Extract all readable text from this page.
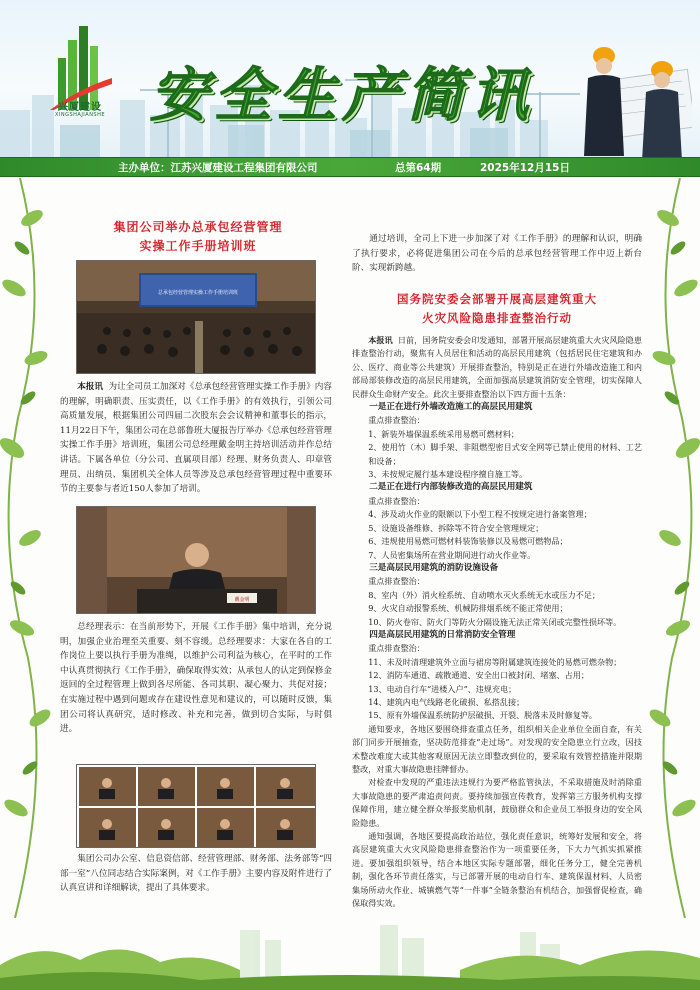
兴厦建设
XINGSHAJIANSHE 安全生产简讯
主办单位：江苏兴厦建设工程集团有限公司	总第64期	2025年12月15日
集团公司举办总承包经营管理
实操工作手册培训班
总承包经营管理实操工作手册培训班

本报讯 为让全司员工加深对《总承包经营管理实操工作手册》内容的理解，明确职责、压实责任，以《工作手册》的有效执行，引领公司高质量发展，根据集团公司四届二次股东会会议精神和董事长的指示，11月22日下午，集团公司在总部鲁班大厦报告厅举办《总承包经营管理实操工作手册》培训班，集团公司总经理戴金明主持培训活动并作总结讲话。下属各单位（分公司、直属项目部）经理、财务负责人、印章管理员、出纳员、集团机关全体人员等涉及总承包经营管理过程中重要环节的主要参与者近150人参加了培训。

戴金明

总经理表示：在当前形势下，开展《工作手册》集中培训，充分说明，加强企业治理至关重要、刻不容缓。总经理要求：大家在各自的工作岗位上要以执行手册为准绳，以维护公司利益为核心，在平时的工作中认真贯彻执行《工作手册》，确保取得实效；从承包人的认定到保修金返回的全过程管理上做到各尽所能、各司其职、凝心聚力、共促对接；在实施过程中遇到问题或存在建设性意见和建议的，可以随时反馈，集团公司将认真研究，适时修改、补充和完善，做到切合实际，与时俱进。

集团公司办公室、信息资信部、经营管理部、财务部、法务部等“四部一室”八位同志结合实际案例，对《工作手册》主要内容及附件进行了认真宣讲和详细解读，提出了具体要求。

通过培训，全司上下进一步加深了对《工作手册》的理解和认识，明确了执行要求，必将促进集团公司在今后的总承包经营管理工作中迈上新台阶、实现新跨越。

国务院安委会部署开展高层建筑重大
火灾风险隐患排查整治行动

本报讯 日前，国务院安委会印发通知，部署开展高层建筑重大火灾风险隐患排查整治行动，聚焦有人员居住和活动的高层民用建筑（包括居民住宅建筑和办公、医疗、商业等公共建筑）开展排查整治，特别是正在进行外墙改造施工和内部局部装修改造的高层民用建筑，全面加强高层建筑消防安全管理，切实保障人民群众生命财产安全。此次主要排查整治以下四方面十五条：

一是正在进行外墙改造施工的高层民用建筑
重点排查整治：
1、新装外墙保温系统采用易燃可燃材料；
2、使用竹（木）脚手架、非阻燃型密目式安全网等已禁止使用的材料、工艺和设备；
3、未按规定履行基本建设程序擅自施工等。
二是正在进行内部装修改造的高层民用建筑
重点排查整治：
4、涉及动火作业的限额以下小型工程不按规定进行备案管理；
5、设施设备维修、拆除等不符合安全管理规定；
6、违规使用易燃可燃材料装饰装修以及易燃可燃物品；
7、人员密集场所在营业期间进行动火作业等。
三是高层民用建筑的消防设施设备
重点排查整治：
8、室内（外）消火栓系统、自动喷水灭火系统无水或压力不足；
9、火灾自动报警系统、机械防排烟系统不能正常使用；
10、防火卷帘、防火门等防火分隔设施无法正常关闭或完整性损坏等。
四是高层民用建筑的日常消防安全管理
重点排查整治：
11、未及时清理建筑外立面与裙房等附属建筑连接处的易燃可燃杂物；
12、消防车通道、疏散通道、安全出口被封闭、堵塞、占用；
13、电动自行车“进楼入户”、违规充电；
14、建筑内电气线路老化破损、私搭乱接；
15、原有外墙保温系统防护层破损、开裂、脱落未及时修复等。

通知要求，各地区要围绕排查重点任务，组织相关企业单位全面自查，有关部门同步开展抽查，坚决防范排查“走过场”。对发现的安全隐患立行立改，因技术整改难度大或其他客观原因无法立即整改到位的，要采取有效管控措施并限期整改，对重大事故隐患挂牌督办。

对检查中发现的严重违法违规行为要严格监管执法，不采取措施及时消除重大事故隐患的要严肃追责问责。要持续加强宣传教育，发挥第三方服务机构支撑保障作用，建立健全群众举报奖励机制，鼓励群众和企业员工举报身边的安全风险隐患。

通知强调，各地区要提高政治站位，强化责任意识，统筹好发展和安全，将高层建筑重大火灾风险隐患排查整治作为一项重要任务，下大力气抓实抓紧推进。要加强组织领导，结合本地区实际专题部署，细化任务分工，健全完善机制，强化各环节责任落实，与已部署开展的电动自行车、建筑保温材料、人员密集场所动火作业、城镇燃气等“一件事”全链条整治有机结合，加强督促检查，确保取得实效。
